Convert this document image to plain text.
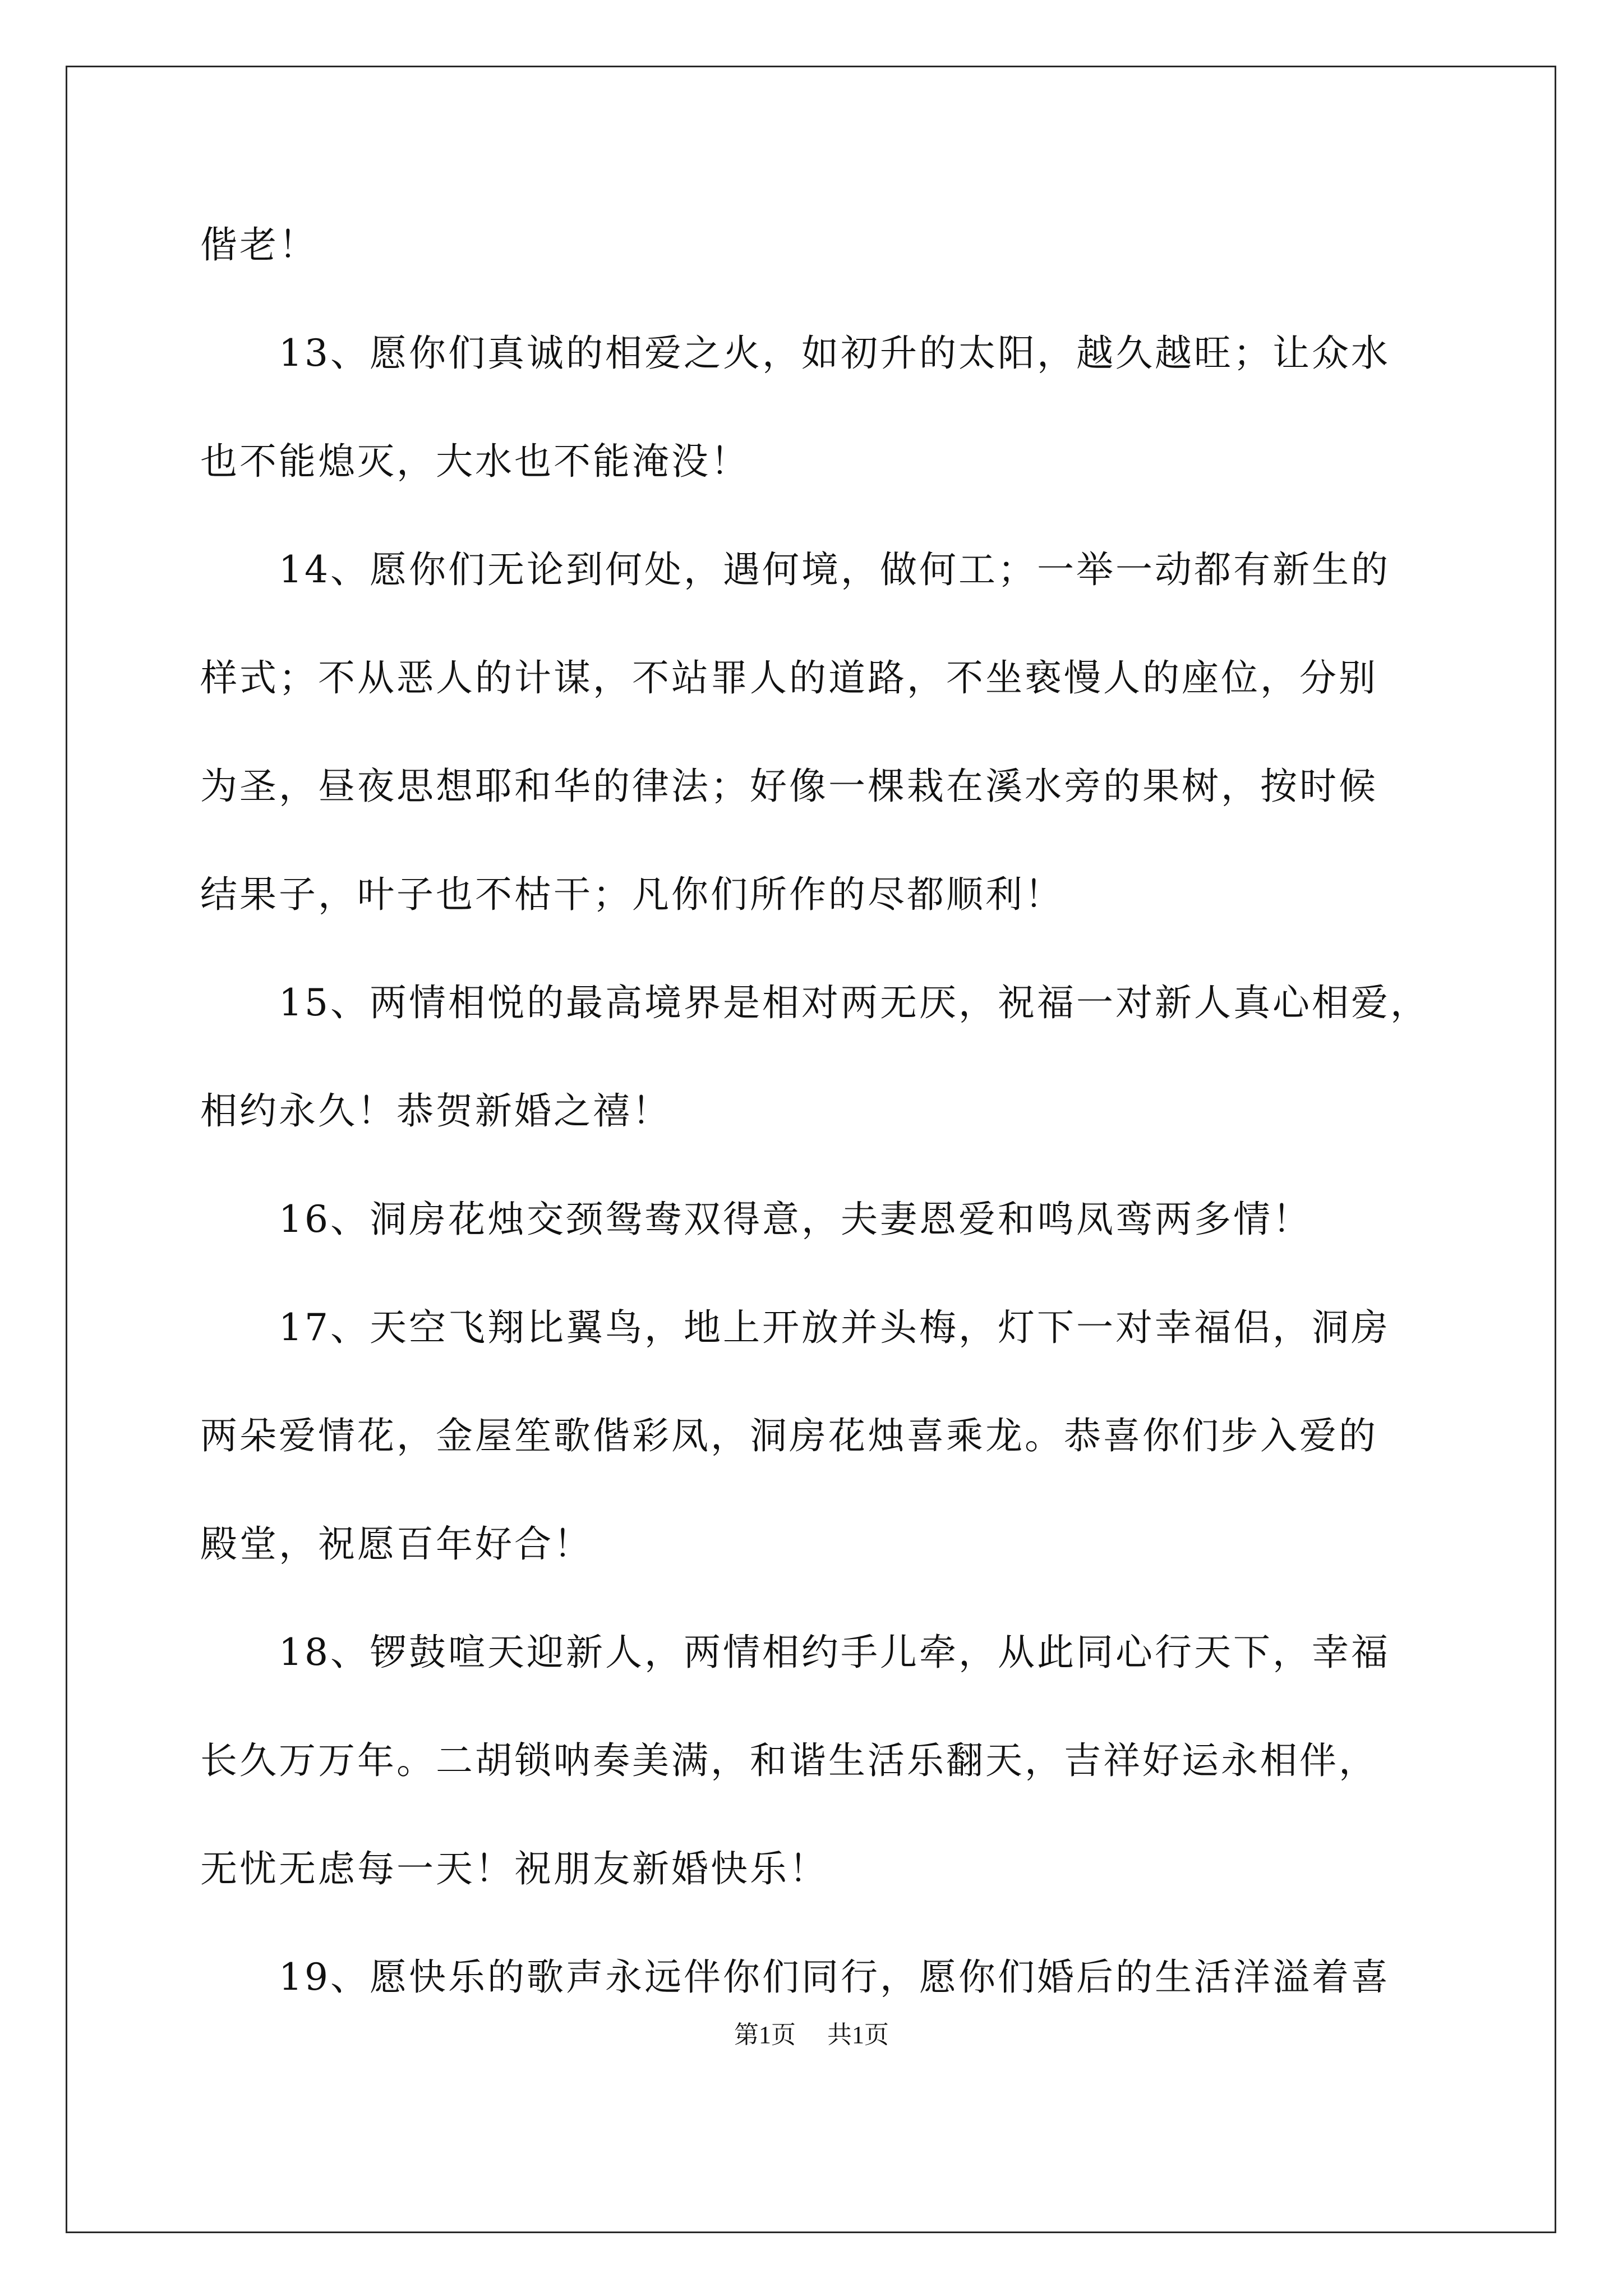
偕老！
　　13、愿你们真诚的相爱之火，如初升的太阳，越久越旺；让众水
也不能熄灭，大水也不能淹没！
　　14、愿你们无论到何处，遇何境，做何工；一举一动都有新生的
样式；不从恶人的计谋，不站罪人的道路，不坐亵慢人的座位，分别
为圣，昼夜思想耶和华的律法；好像一棵栽在溪水旁的果树，按时候
结果子，叶子也不枯干；凡你们所作的尽都顺利！
　　15、两情相悦的最高境界是相对两无厌，祝福一对新人真心相爱，
相约永久！恭贺新婚之禧！
　　16、洞房花烛交颈鸳鸯双得意，夫妻恩爱和鸣凤鸾两多情！
　　17、天空飞翔比翼鸟，地上开放并头梅，灯下一对幸福侣，洞房
两朵爱情花，金屋笙歌偕彩凤，洞房花烛喜乘龙。恭喜你们步入爱的
殿堂，祝愿百年好合！
　　18、锣鼓喧天迎新人，两情相约手儿牵，从此同心行天下，幸福
长久万万年。二胡锁呐奏美满，和谐生活乐翻天，吉祥好运永相伴，
无忧无虑每一天！祝朋友新婚快乐！
　　19、愿快乐的歌声永远伴你们同行，愿你们婚后的生活洋溢着喜
第1页 共1页
